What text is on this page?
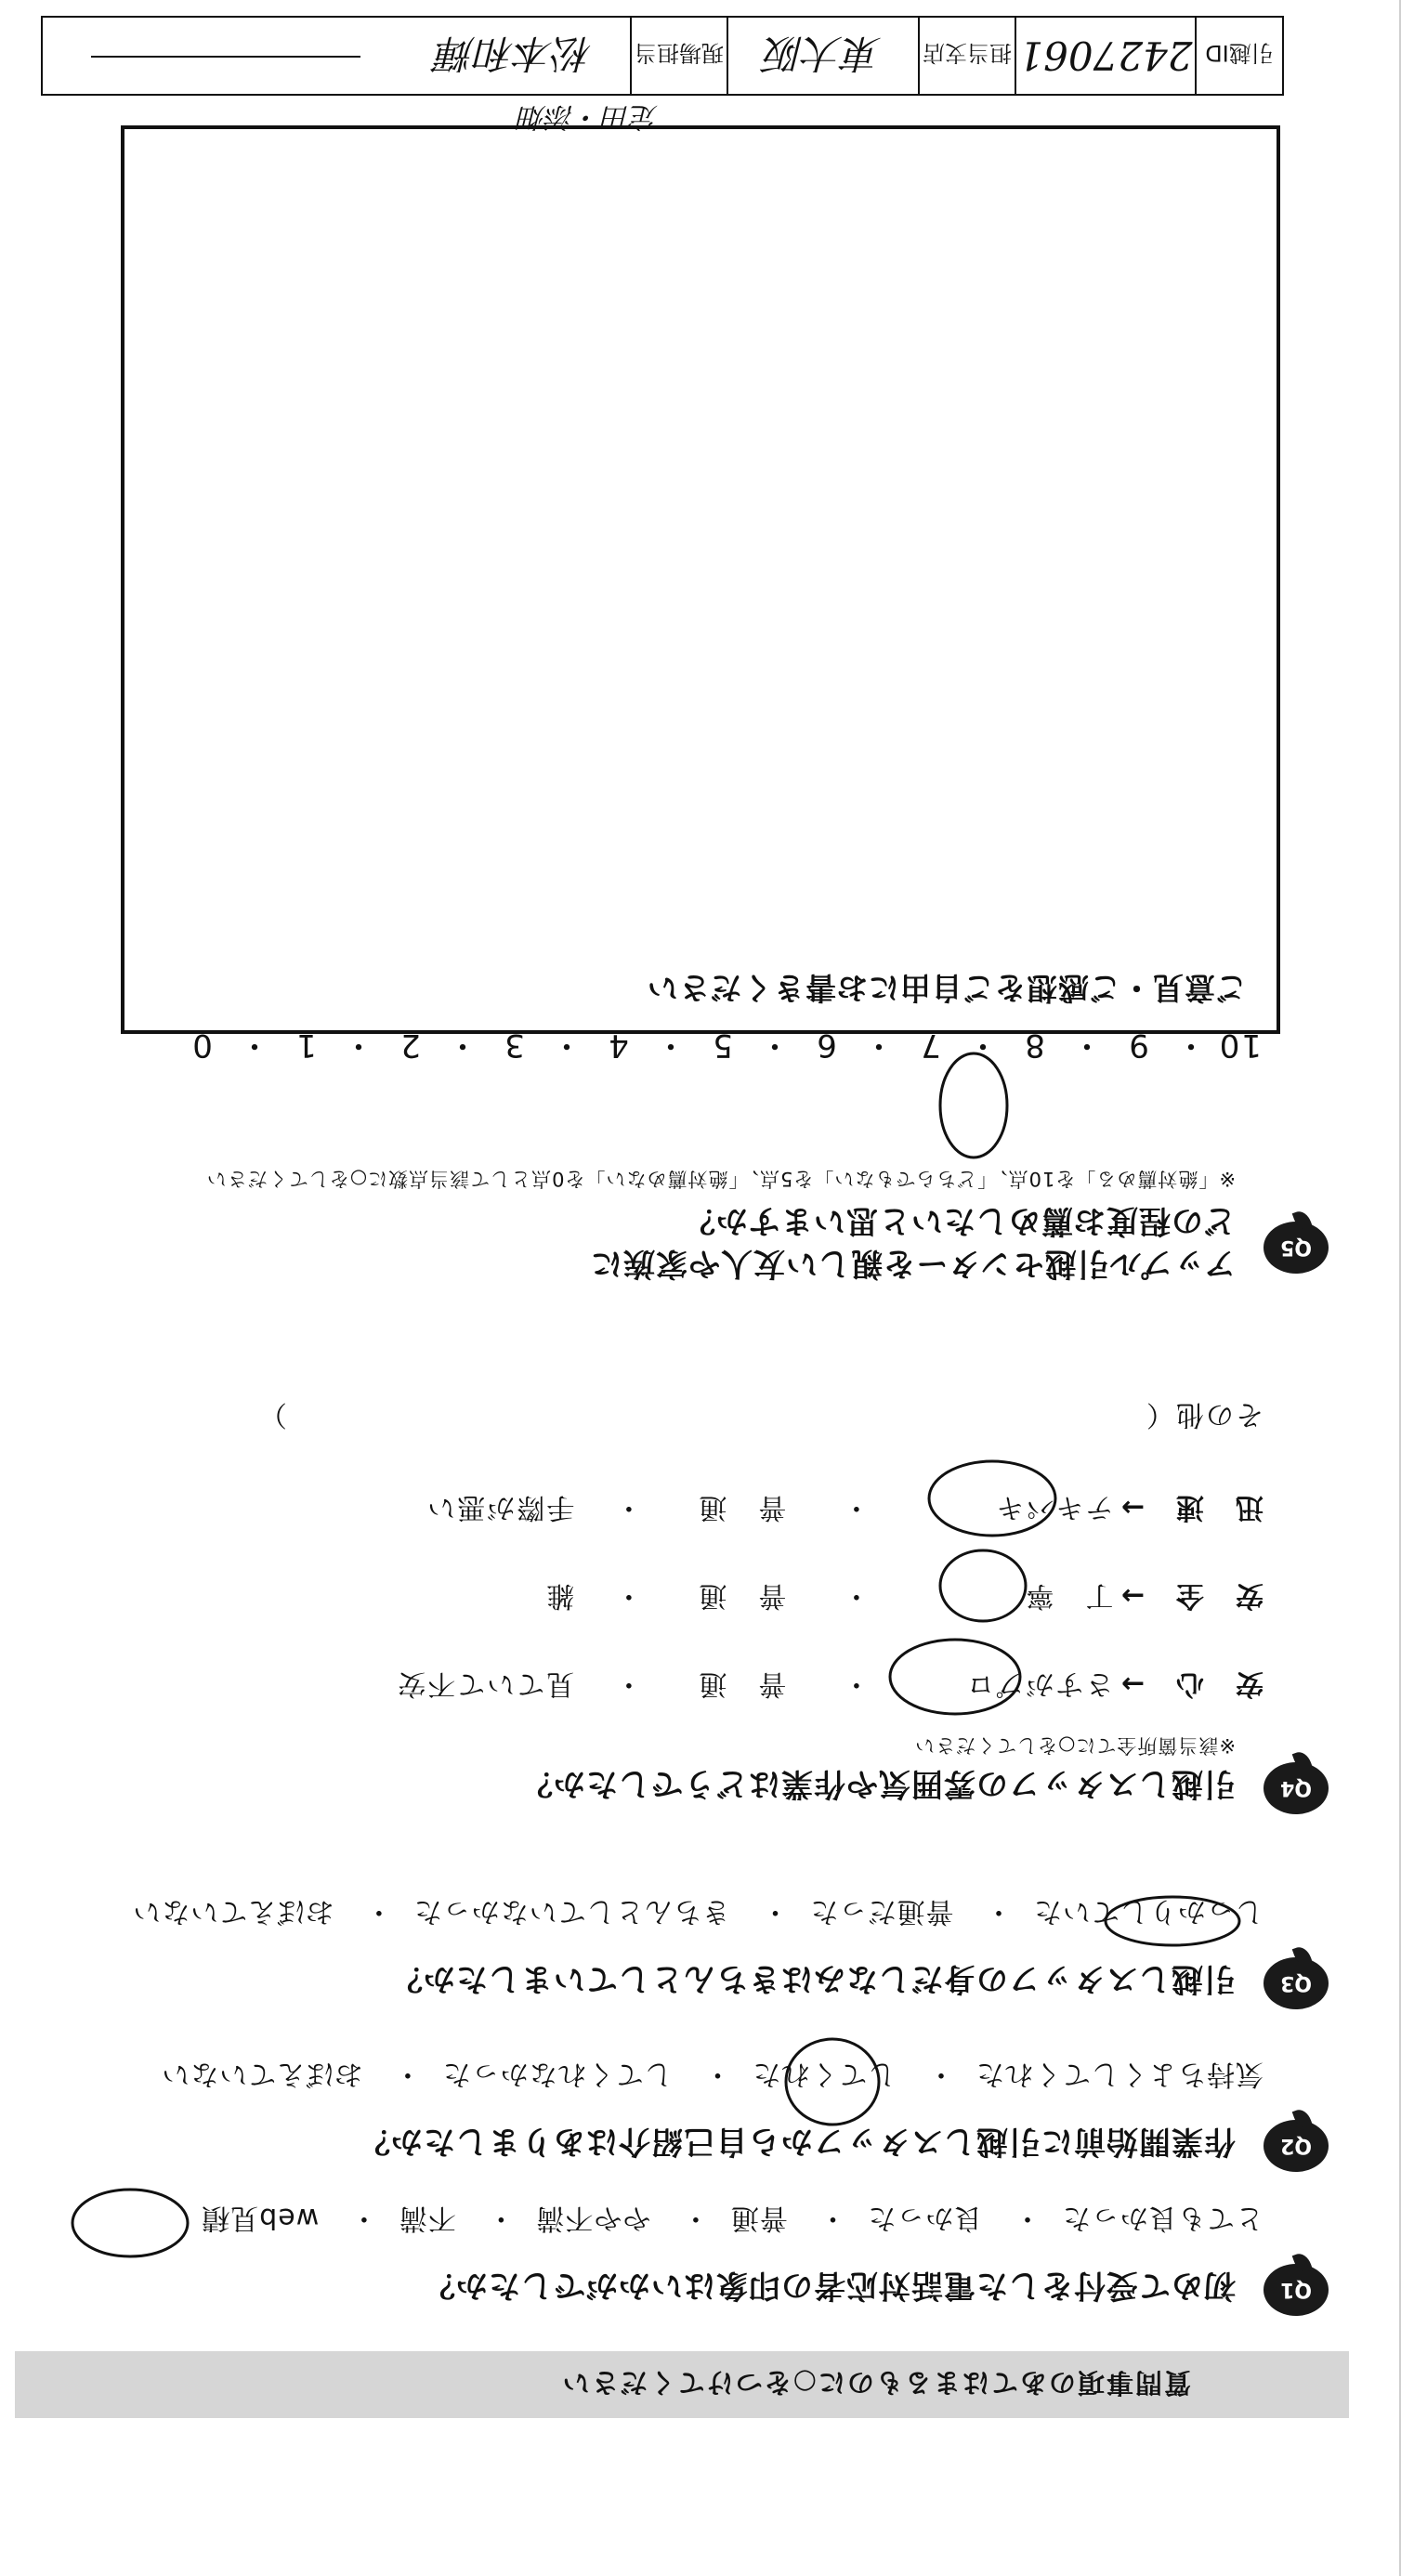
質問事項のあてはまるものに○をつけてください
Q1
初めて受付をした電話対応者の印象はいかがでしたか？
とても良かった・ 良かった・ 普通・ やや不満・ 不満・ web見積
Q2
作業開始前に引越しスタッフから自己紹介はありましたか？
気持ちよくしてくれた・ してくれた・ してくれなかった・ おぼえていない
Q3
引越しスタッフの身だしなみはきちんとしていましたか？
しっかりしていた・ 普通だった・ きちんとしていなかった・ おぼえていない
Q4
引越しスタッフの雰囲気や作業はどうでしたか？
※該当箇所全てに○をしてください
安　心　→ さすがプロ ・ 普　通 ・ 見ていて不安
安　全　→ 丁　寧 ・ 普　通 ・ 雑
迅　速　→ テキパキ ・ 普　通 ・ 手際が悪い
その他（  ）
Q5
アップル引越センターを親しい友人や家族に
どの程度お薦めしたいと思いますか？
※「絶対薦める」を10点、「どちらでもない」を5点、「絶対薦めない」を0点として該当点数に○をしてください
10・9・8・7・6・5・4・3・2・1・0
ご意見・ご感想をご自由にお書きください
引越ID
2427061
担当支店
東大阪
現場担当
松本和輝
定田・添畑
